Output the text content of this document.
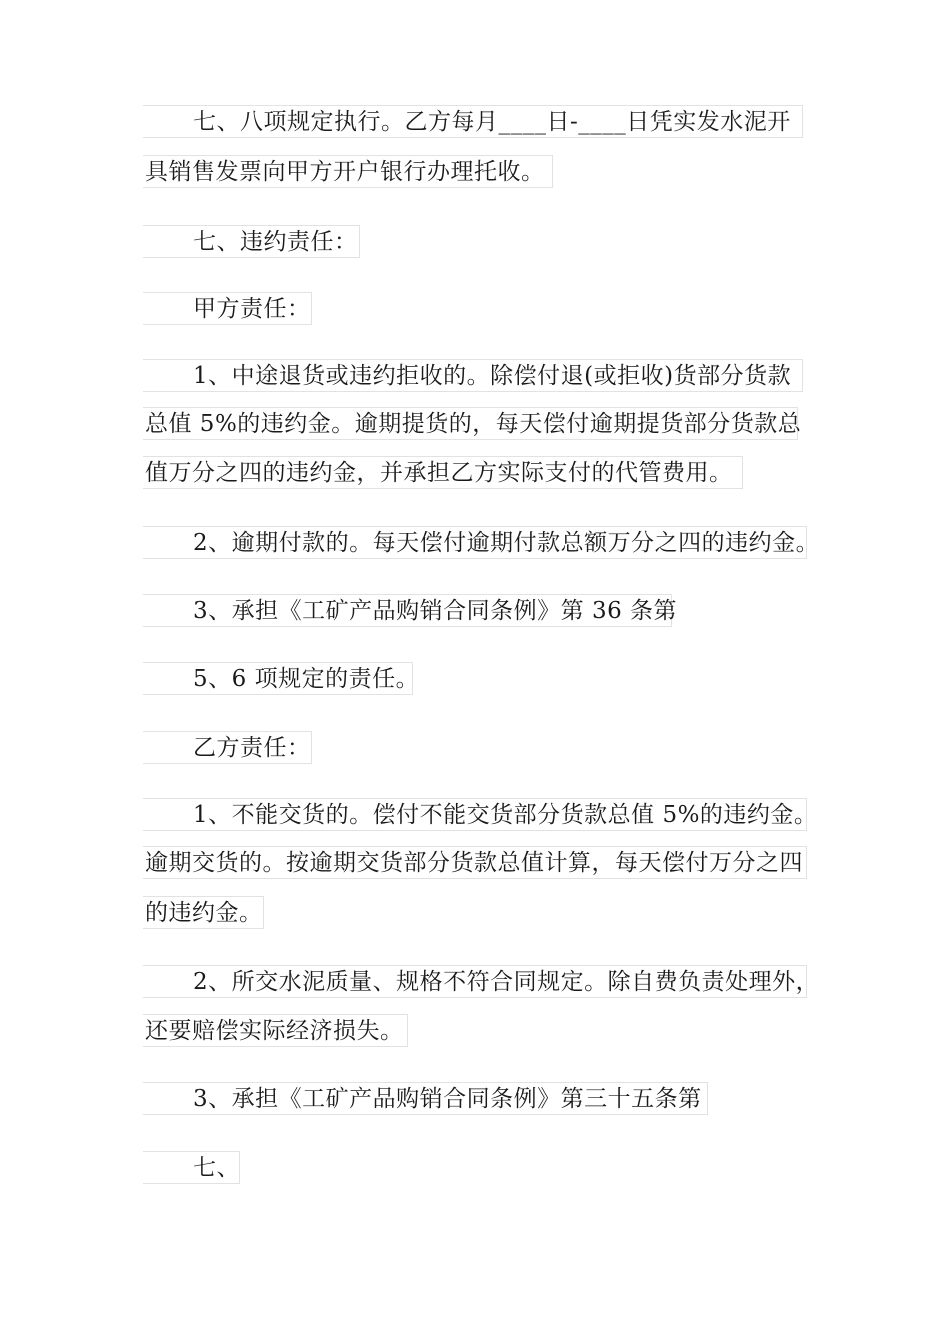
七、八项规定执行。乙方每月____日-____日凭实发水泥开
具销售发票向甲方开户银行办理托收。
七、违约责任：
甲方责任：
1、中途退货或违约拒收的。除偿付退(或拒收)货部分货款
总值 5%的违约金。逾期提货的，每天偿付逾期提货部分货款总
值万分之四的违约金，并承担乙方实际支付的代管费用。
2、逾期付款的。每天偿付逾期付款总额万分之四的违约金。
3、承担《工矿产品购销合同条例》第 36 条第
5、6 项规定的责任。
乙方责任：
1、不能交货的。偿付不能交货部分货款总值 5%的违约金。
逾期交货的。按逾期交货部分货款总值计算，每天偿付万分之四
的违约金。
2、所交水泥质量、规格不符合同规定。除自费负责处理外，
还要赔偿实际经济损失。
3、承担《工矿产品购销合同条例》第三十五条第
七、
